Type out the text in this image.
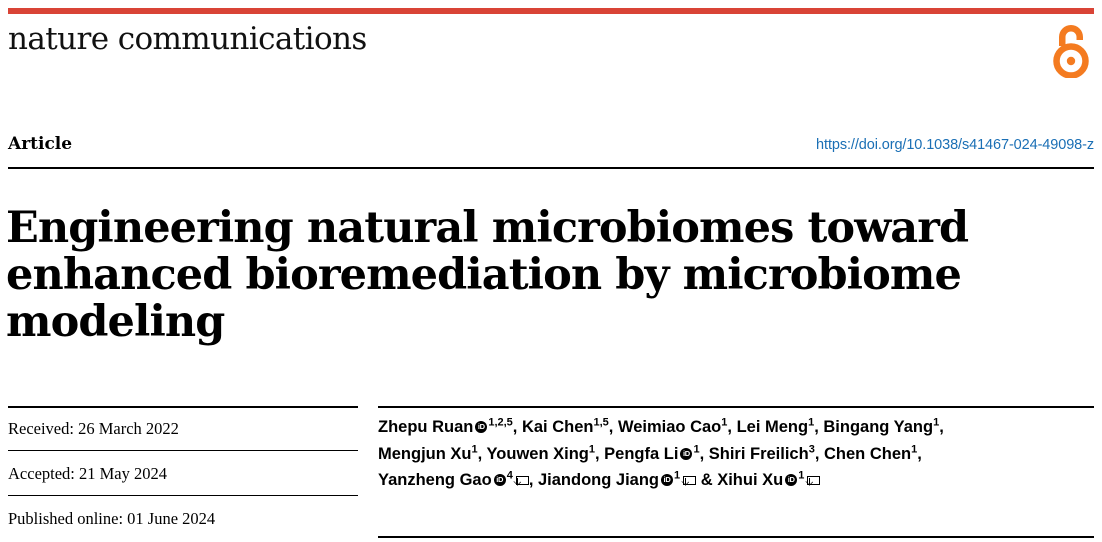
nature communications
Article	https://doi.org/10.1038/s41467-024-49098-z
Engineering natural microbiomes toward enhanced bioremediation by microbiome modeling
Received: 26 March 2022
Accepted: 21 May 2024
Published online: 01 June 2024
Zhepu Ruan iD $^{1,2,5}$, Kai Chen$^{1,5}$, Weimiao Cao$^1$, Lei Meng$^1$, Bingang Yang$^1$,
Mengjun Xu$^1$, Youwen Xing$^1$, Pengfa Li iD $^1$, Shiri Freilich$^3$, Chen Chen$^1$,
Yanzheng Gao iD $^4$ , Jiandong Jiang iD $^1$ & Xihui Xu iD $^1$
